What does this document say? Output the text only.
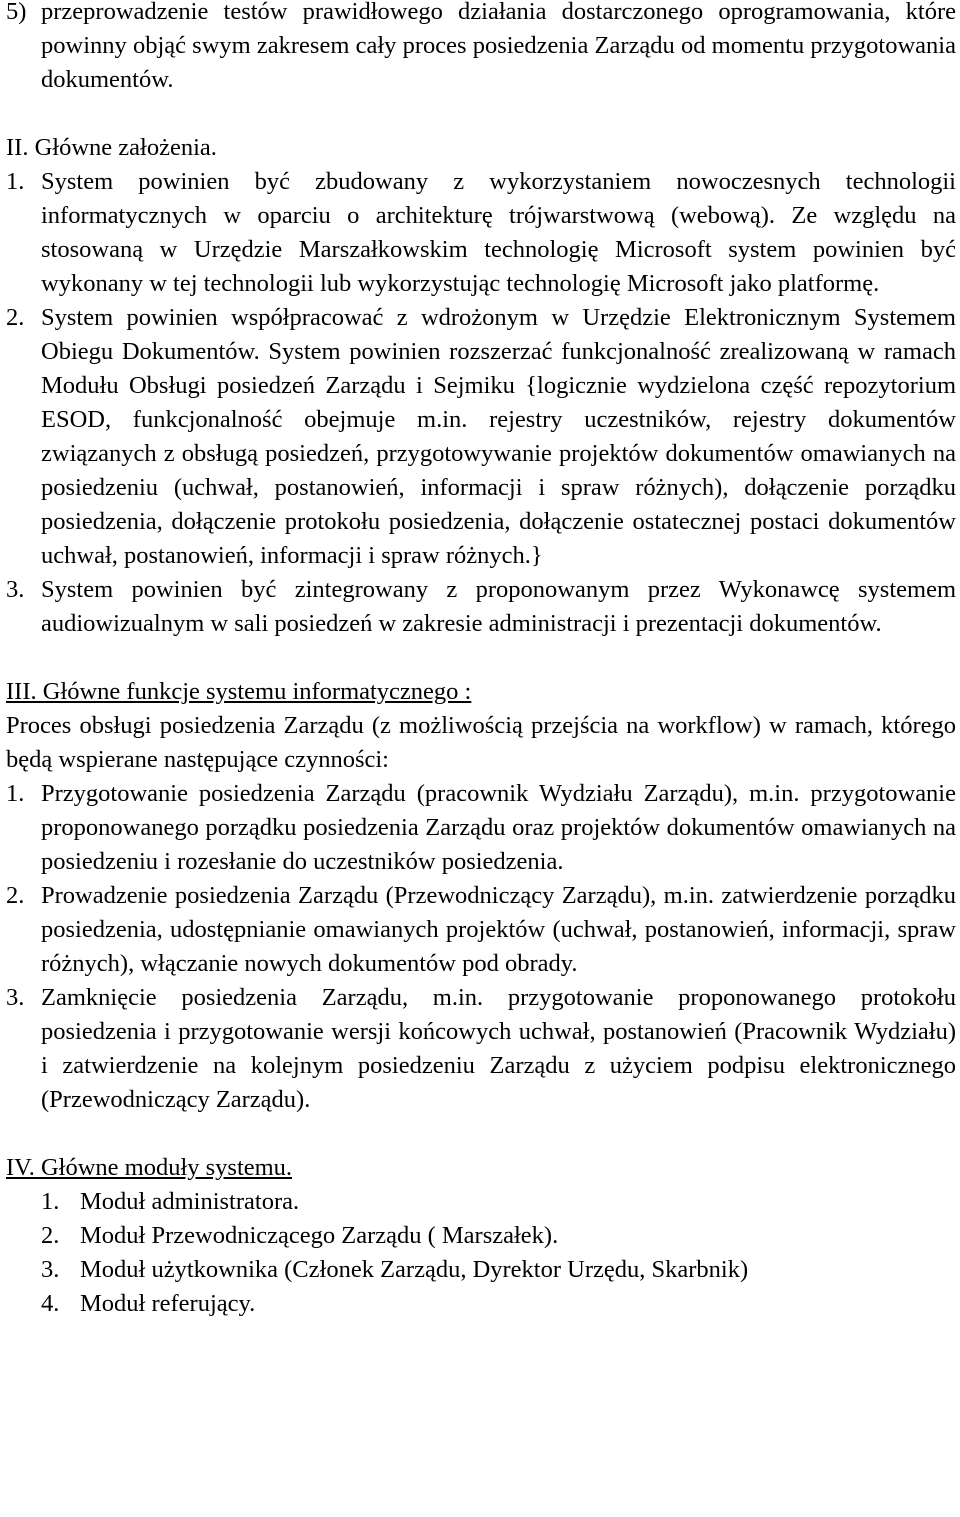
5) przeprowadzenie testów prawidłowego działania dostarczonego oprogramowania, które powinny objąć swym zakresem cały proces posiedzenia Zarządu od momentu przygotowania dokumentów.
II. Główne założenia.
1. System powinien być zbudowany z wykorzystaniem nowoczesnych technologii informatycznych w oparciu o architekturę trójwarstwową (webową). Ze względu na stosowaną w Urzędzie Marszałkowskim technologię Microsoft system powinien być wykonany w tej technologii lub wykorzystując technologię Microsoft jako platformę.
2. System powinien współpracować z wdrożonym w Urzędzie Elektronicznym Systemem Obiegu Dokumentów. System powinien rozszerzać funkcjonalność zrealizowaną w ramach Modułu Obsługi posiedzeń Zarządu i Sejmiku {logicznie wydzielona część repozytorium ESOD, funkcjonalność obejmuje m.in. rejestry uczestników, rejestry dokumentów związanych z obsługą posiedzeń, przygotowywanie projektów dokumentów omawianych na posiedzeniu (uchwał, postanowień, informacji i spraw różnych), dołączenie porządku posiedzenia, dołączenie protokołu posiedzenia, dołączenie ostatecznej postaci dokumentów uchwał, postanowień, informacji i spraw różnych.}
3. System powinien być zintegrowany z proponowanym przez Wykonawcę systemem audiowizualnym w sali posiedzeń w zakresie administracji i prezentacji dokumentów.
III. Główne funkcje systemu informatycznego :
Proces obsługi posiedzenia Zarządu (z możliwością przejścia na workflow) w ramach, którego będą wspierane następujące czynności:
1. Przygotowanie posiedzenia Zarządu (pracownik Wydziału Zarządu), m.in. przygotowanie proponowanego porządku posiedzenia Zarządu oraz projektów dokumentów omawianych na posiedzeniu i rozesłanie do uczestników posiedzenia.
2. Prowadzenie posiedzenia Zarządu (Przewodniczący Zarządu), m.in. zatwierdzenie porządku posiedzenia, udostępnianie omawianych projektów (uchwał, postanowień, informacji, spraw różnych), włączanie nowych dokumentów pod obrady.
3. Zamknięcie posiedzenia Zarządu, m.in. przygotowanie proponowanego protokołu posiedzenia i przygotowanie wersji końcowych uchwał, postanowień (Pracownik Wydziału) i zatwierdzenie na kolejnym posiedzeniu Zarządu z użyciem podpisu elektronicznego (Przewodniczący Zarządu).
IV. Główne moduły systemu.
1. Moduł administratora.
2. Moduł Przewodniczącego Zarządu ( Marszałek).
3. Moduł użytkownika (Członek Zarządu, Dyrektor Urzędu, Skarbnik)
4. Moduł referujący.
